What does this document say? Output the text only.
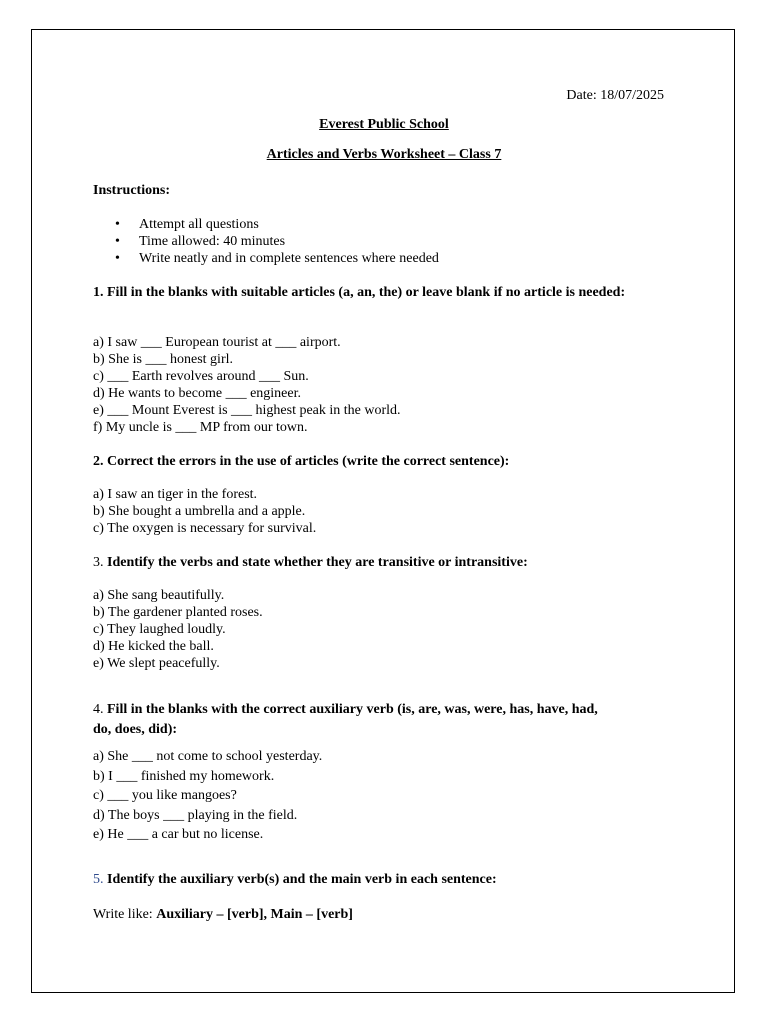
Date: 18/07/2025
Everest Public School
Articles and Verbs Worksheet – Class 7
Instructions:
• Attempt all questions
• Time allowed: 40 minutes
• Write neatly and in complete sentences where needed
1. Fill in the blanks with suitable articles (a, an, the) or leave blank if no article is needed:
a) I saw ___ European tourist at ___ airport.
b) She is ___ honest girl.
c) ___ Earth revolves around ___ Sun.
d) He wants to become ___ engineer.
e) ___ Mount Everest is ___ highest peak in the world.
f) My uncle is ___ MP from our town.
2. Correct the errors in the use of articles (write the correct sentence):
a) I saw an tiger in the forest.
b) She bought a umbrella and a apple.
c) The oxygen is necessary for survival.
3. Identify the verbs and state whether they are transitive or intransitive:
a) She sang beautifully.
b) The gardener planted roses.
c) They laughed loudly.
d) He kicked the ball.
e) We slept peacefully.
4. Fill in the blanks with the correct auxiliary verb (is, are, was, were, has, have, had,
do, does, did):
a) She ___ not come to school yesterday.
b) I ___ finished my homework.
c) ___ you like mangoes?
d) The boys ___ playing in the field.
e) He ___ a car but no license.
5. Identify the auxiliary verb(s) and the main verb in each sentence:
Write like: Auxiliary – [verb], Main – [verb]
